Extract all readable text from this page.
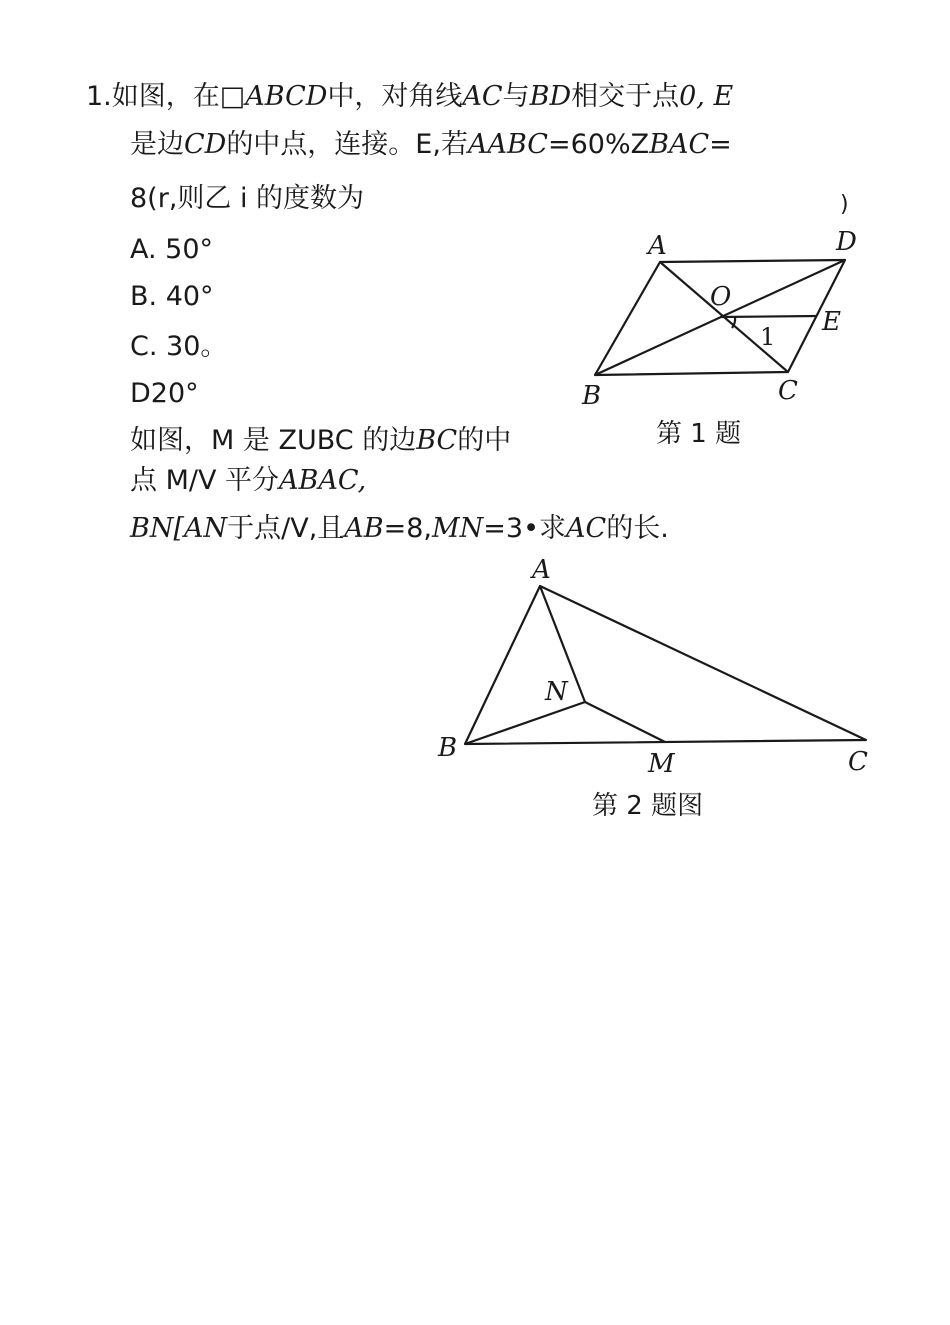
1.如图，在□ABCD中，对角线AC与BD相交于点0, E
是边CD的中点，连接。E,若AABC=60%ZBAC=
8(r,则乙 i 的度数为	)
A. 50°
B. 40°
C. 30。
D20°
A	D
O
E
B	C
1
第 1 题
如图，M 是 ZUBC 的边BC的中
点 M/V 平分ABAC,
BN[AN于点/V,且AB=8,MN=3•求AC的长.
A
N
B
M	C
第 2 题图
